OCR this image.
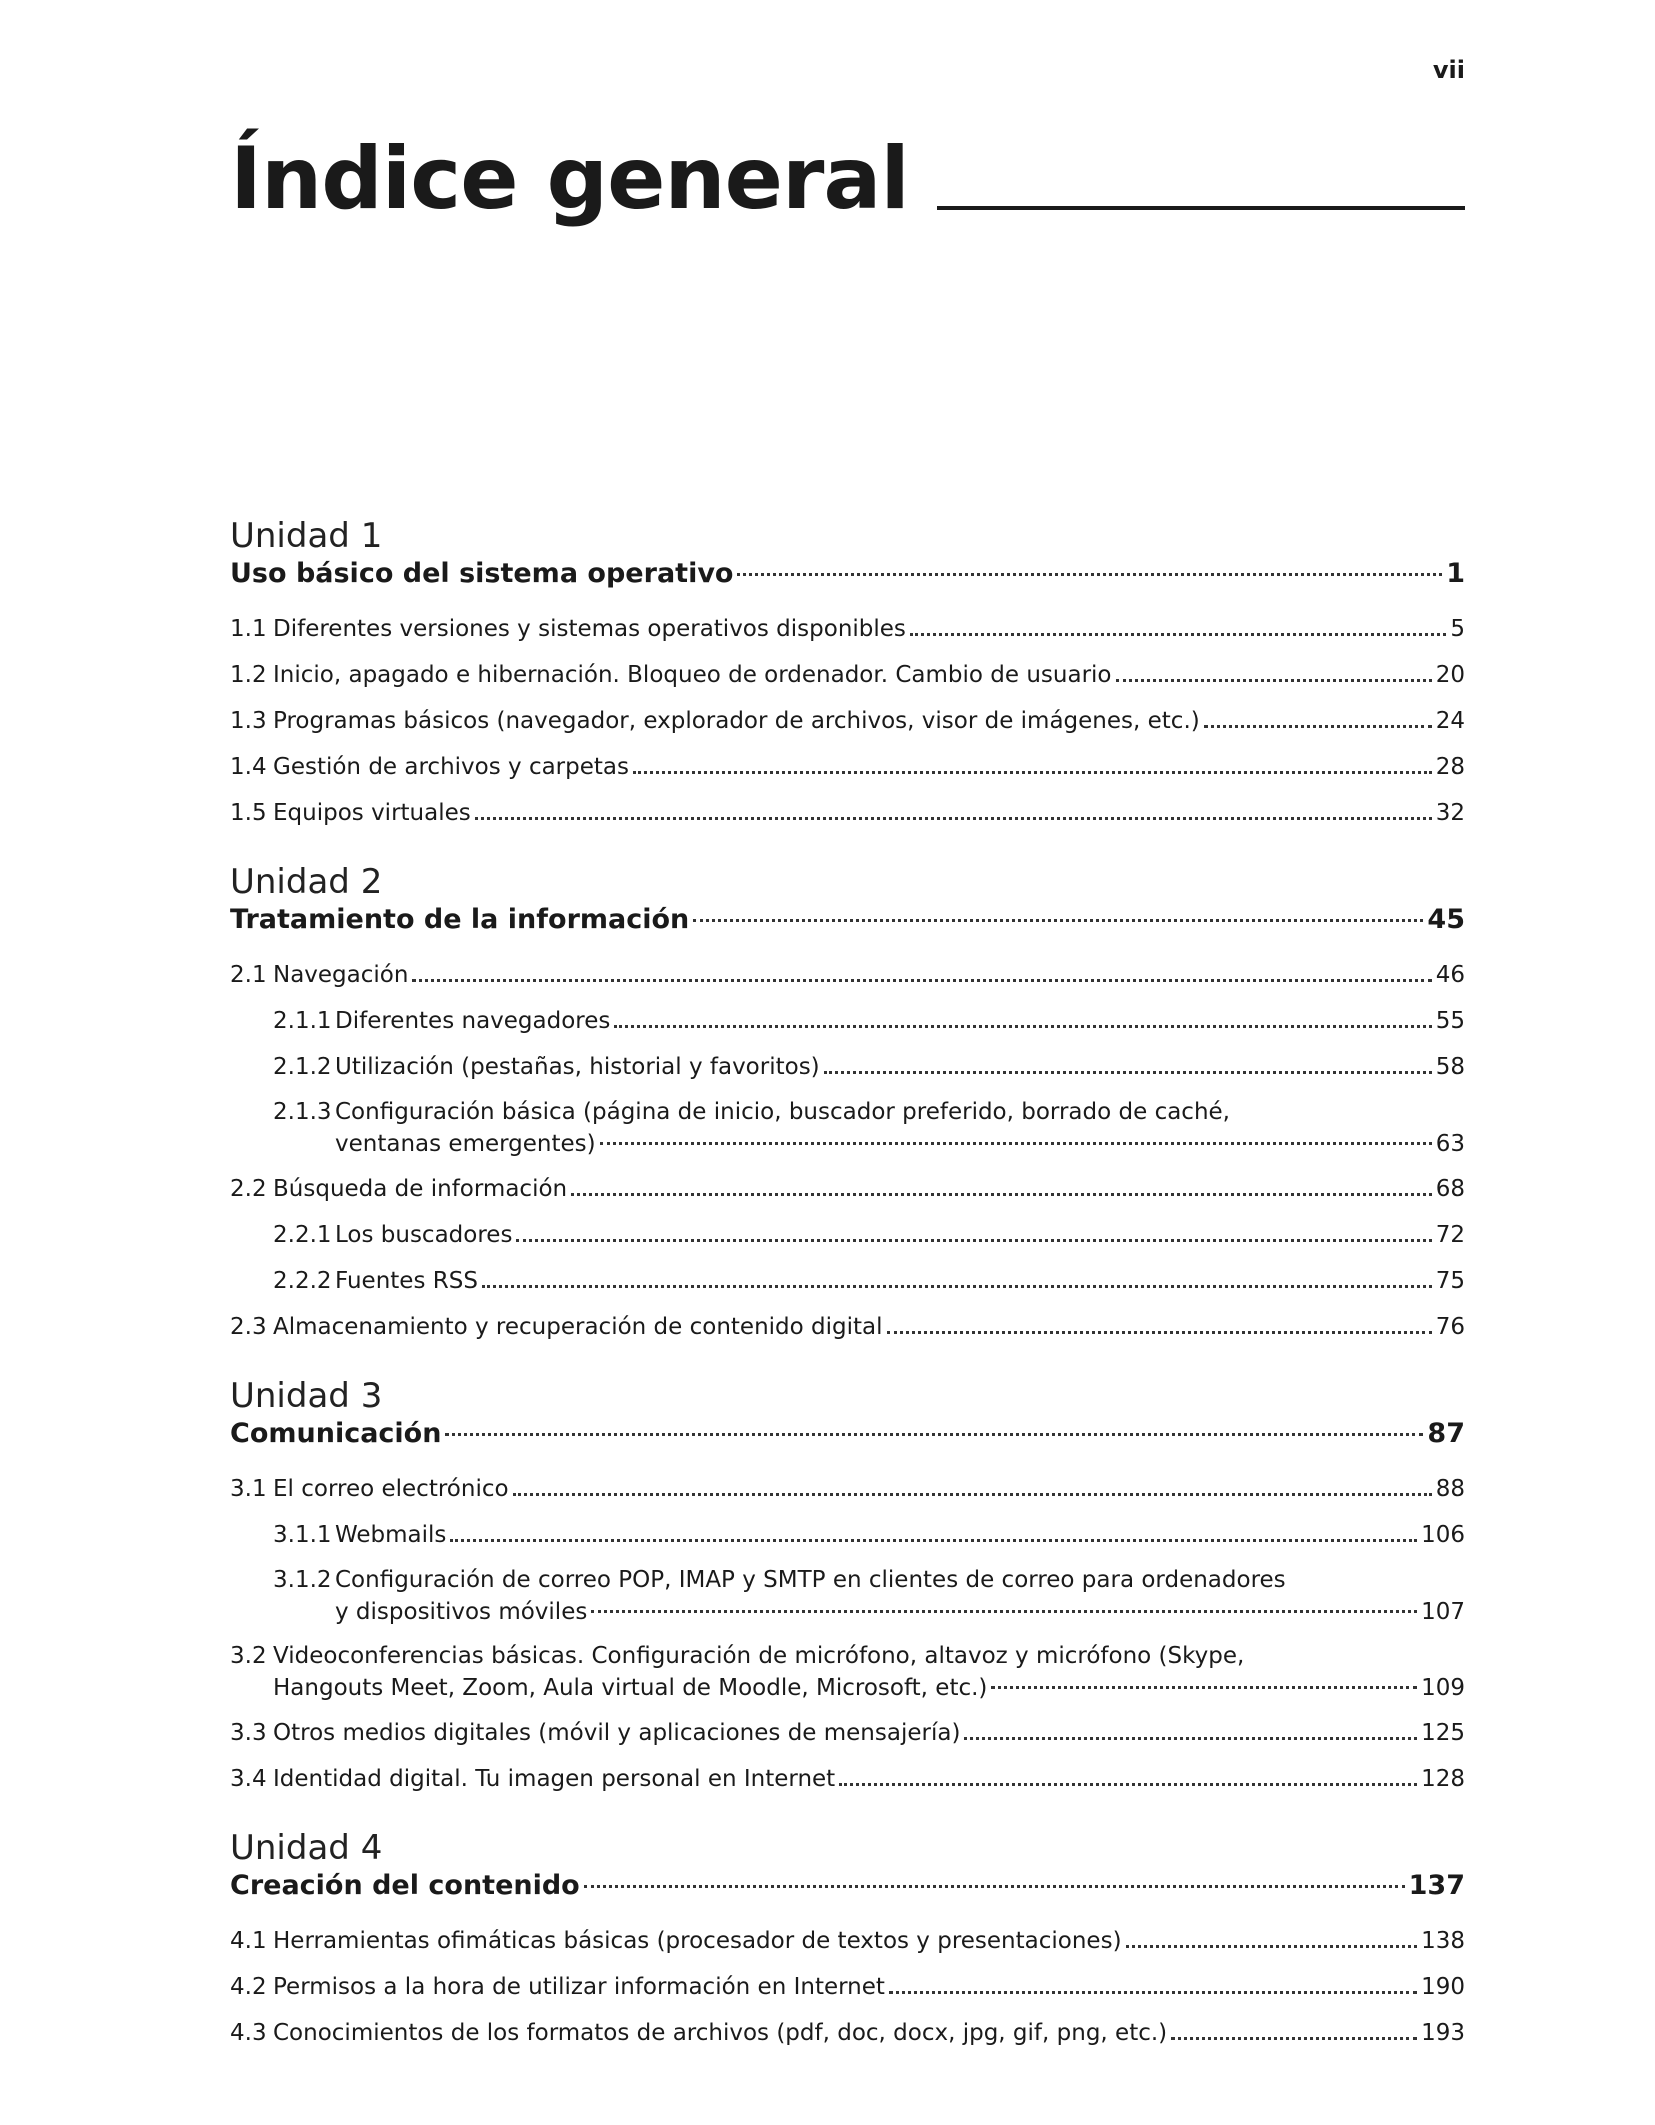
vii
Índice general
Unidad 1
Uso básico del sistema operativo	1
1.1 Diferentes versiones y sistemas operativos disponibles	5
1.2 Inicio, apagado e hibernación. Bloqueo de ordenador. Cambio de usuario	20
1.3 Programas básicos (navegador, explorador de archivos, visor de imágenes, etc.)	24
1.4 Gestión de archivos y carpetas	28
1.5 Equipos virtuales	32
Unidad 2
Tratamiento de la información	45
2.1 Navegación	46
2.1.1 Diferentes navegadores	55
2.1.2 Utilización (pestañas, historial y favoritos)	58
2.1.3 Configuración básica (página de inicio, buscador preferido, borrado de caché,
ventanas emergentes)	63
2.2 Búsqueda de información	68
2.2.1 Los buscadores	72
2.2.2 Fuentes RSS	75
2.3 Almacenamiento y recuperación de contenido digital	76
Unidad 3
Comunicación	87
3.1 El correo electrónico	88
3.1.1 Webmails	106
3.1.2 Configuración de correo POP, IMAP y SMTP en clientes de correo para ordenadores
y dispositivos móviles	107
3.2 Videoconferencias básicas. Configuración de micrófono, altavoz y micrófono (Skype,
Hangouts Meet, Zoom, Aula virtual de Moodle, Microsoft, etc.)	109
3.3 Otros medios digitales (móvil y aplicaciones de mensajería)	125
3.4 Identidad digital. Tu imagen personal en Internet	128
Unidad 4
Creación del contenido	137
4.1 Herramientas ofimáticas básicas (procesador de textos y presentaciones)	138
4.2 Permisos a la hora de utilizar información en Internet	190
4.3 Conocimientos de los formatos de archivos (pdf, doc, docx, jpg, gif, png, etc.)	193
